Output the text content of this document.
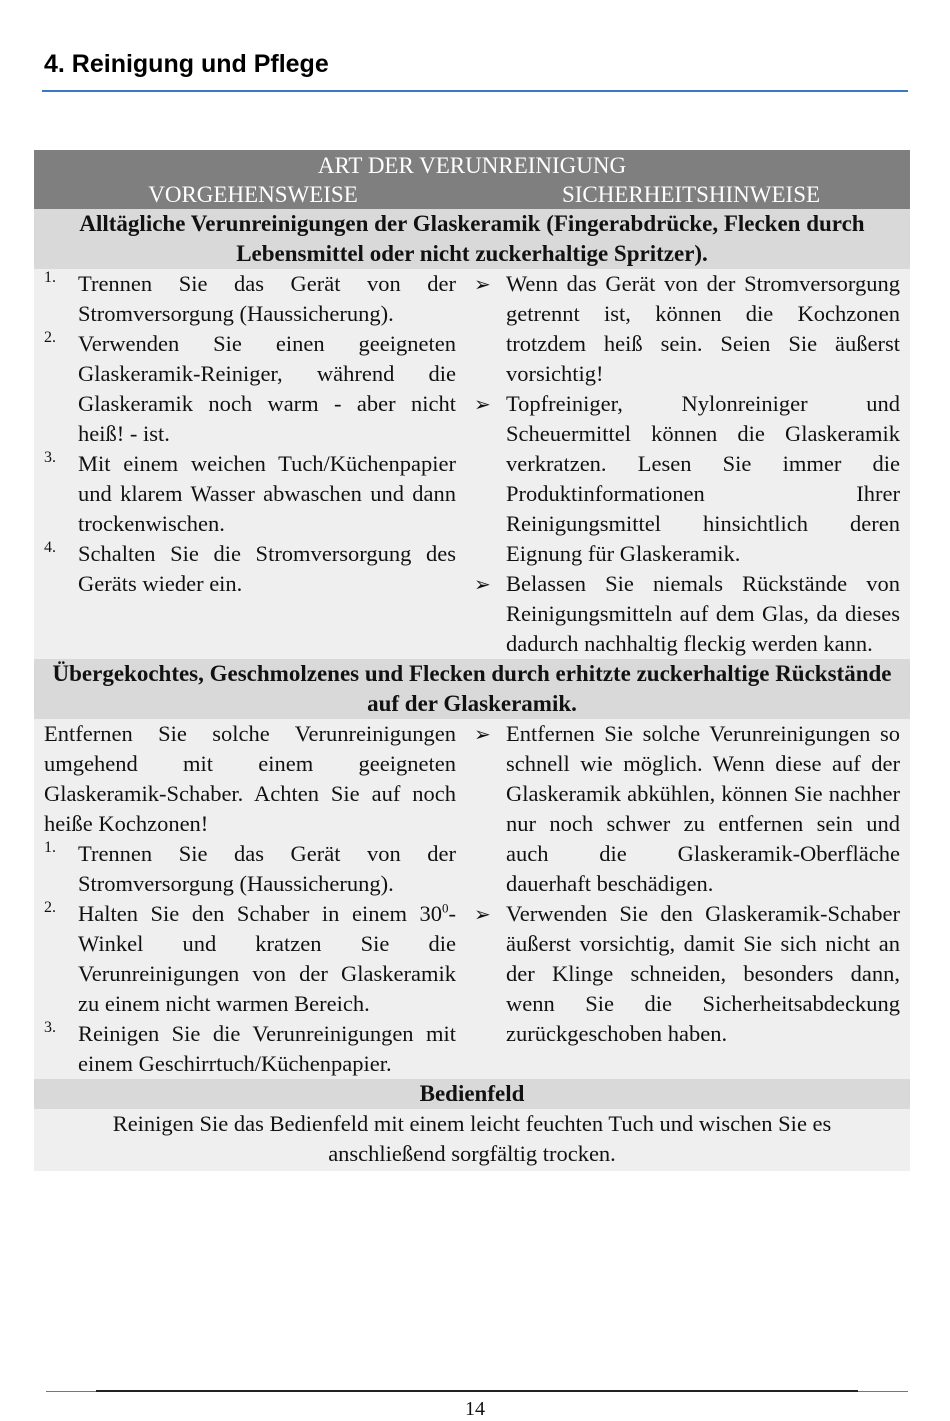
4. Reinigung und Pflege
ART DER VERUNREINIGUNG
VORGEHENSWEISE	SICHERHEITSHINWEISE
Alltägliche Verunreinigungen der Glaskeramik (Fingerabdrücke, Flecken durch Lebensmittel oder nicht zuckerhaltige Spritzer).
1. Trennen Sie das Gerät von der Stromversorgung (Haussicherung).
2. Verwenden Sie einen geeigneten Glaskeramik-Reiniger, während die Glaskeramik noch warm - aber nicht heiß! - ist.
3. Mit einem weichen Tuch/Küchenpapier und klarem Wasser abwaschen und dann trockenwischen.
4. Schalten Sie die Stromversorgung des Geräts wieder ein.
➢ Wenn das Gerät von der Stromversorgung getrennt ist, können die Kochzonen trotzdem heiß sein. Seien Sie äußerst vorsichtig!
➢ Topfreiniger, Nylonreiniger und Scheuermittel können die Glaskeramik verkratzen. Lesen Sie immer die Produktinformationen Ihrer Reinigungsmittel hinsichtlich deren Eignung für Glaskeramik.
➢ Belassen Sie niemals Rückstände von Reinigungsmitteln auf dem Glas, da dieses dadurch nachhaltig fleckig werden kann.
Übergekochtes, Geschmolzenes und Flecken durch erhitzte zuckerhaltige Rückstände auf der Glaskeramik.
Entfernen Sie solche Verunreinigungen umgehend mit einem geeigneten Glaskeramik-Schaber. Achten Sie auf noch heiße Kochzonen!
1. Trennen Sie das Gerät von der Stromversorgung (Haussicherung).
2. Halten Sie den Schaber in einem $30^0$-Winkel und kratzen Sie die Verunreinigungen von der Glaskeramik zu einem nicht warmen Bereich.
3. Reinigen Sie die Verunreinigungen mit einem Geschirrtuch/Küchenpapier.
➢ Entfernen Sie solche Verunreinigungen so schnell wie möglich. Wenn diese auf der Glaskeramik abkühlen, können Sie nachher nur noch schwer zu entfernen sein und auch die Glaskeramik-Oberfläche dauerhaft beschädigen.
➢ Verwenden Sie den Glaskeramik-Schaber äußerst vorsichtig, damit Sie sich nicht an der Klinge schneiden, besonders dann, wenn Sie die Sicherheitsabdeckung zurückgeschoben haben.
Bedienfeld
Reinigen Sie das Bedienfeld mit einem leicht feuchten Tuch und wischen Sie es anschließend sorgfältig trocken.
14
